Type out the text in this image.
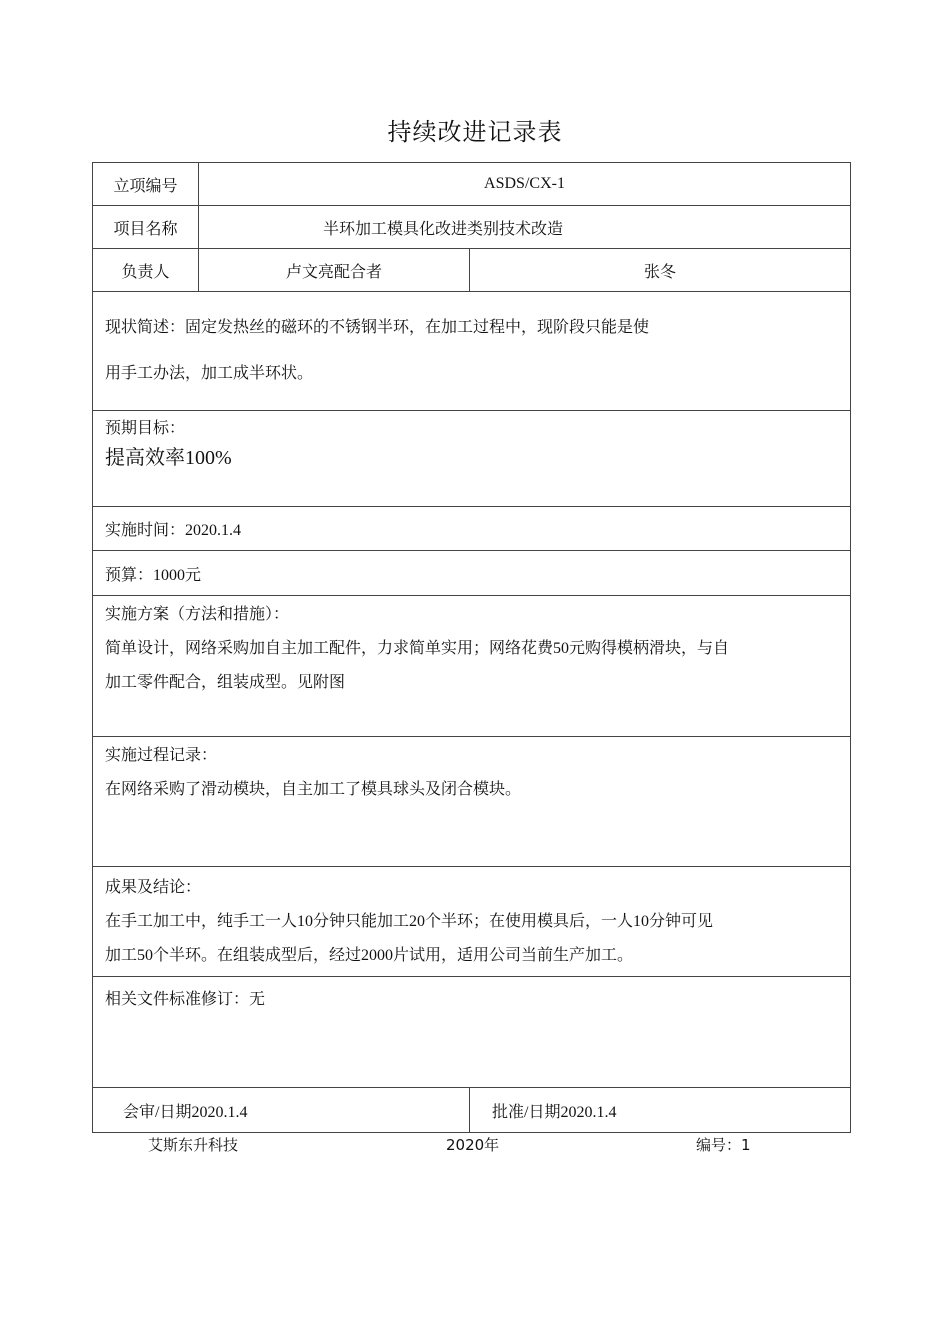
持续改进记录表
立项编号	ASDS/CX-1	
项目名称	半环加工模具化改进类别技术改造	
负责人	卢文亮配合者	张冬

现状简述：固定发热丝的磁环的不锈钢半环，在加工过程中，现阶段只能是使
用手工办法，加工成半环状。		

预期目标：
提高效率100%		

实施时间：2020.1.4		
预算：1000元		

实施方案（方法和措施）：
简单设计，网络采购加自主加工配件，力求简单实用；网络花费50元购得模柄滑块，与自
加工零件配合，组装成型。见附图		

实施过程记录：
在网络采购了滑动模块，自主加工了模具球头及闭合模块。		

成果及结论：
在手工加工中，纯手工一人10分钟只能加工20个半环；在使用模具后，一人10分钟可见
加工50个半环。在组装成型后，经过2000片试用，适用公司当前生产加工。		

相关文件标准修订：无		
会审/日期2020.1.4		批准/日期2020.1.4
艾斯东升科技	2020年	编号：1
